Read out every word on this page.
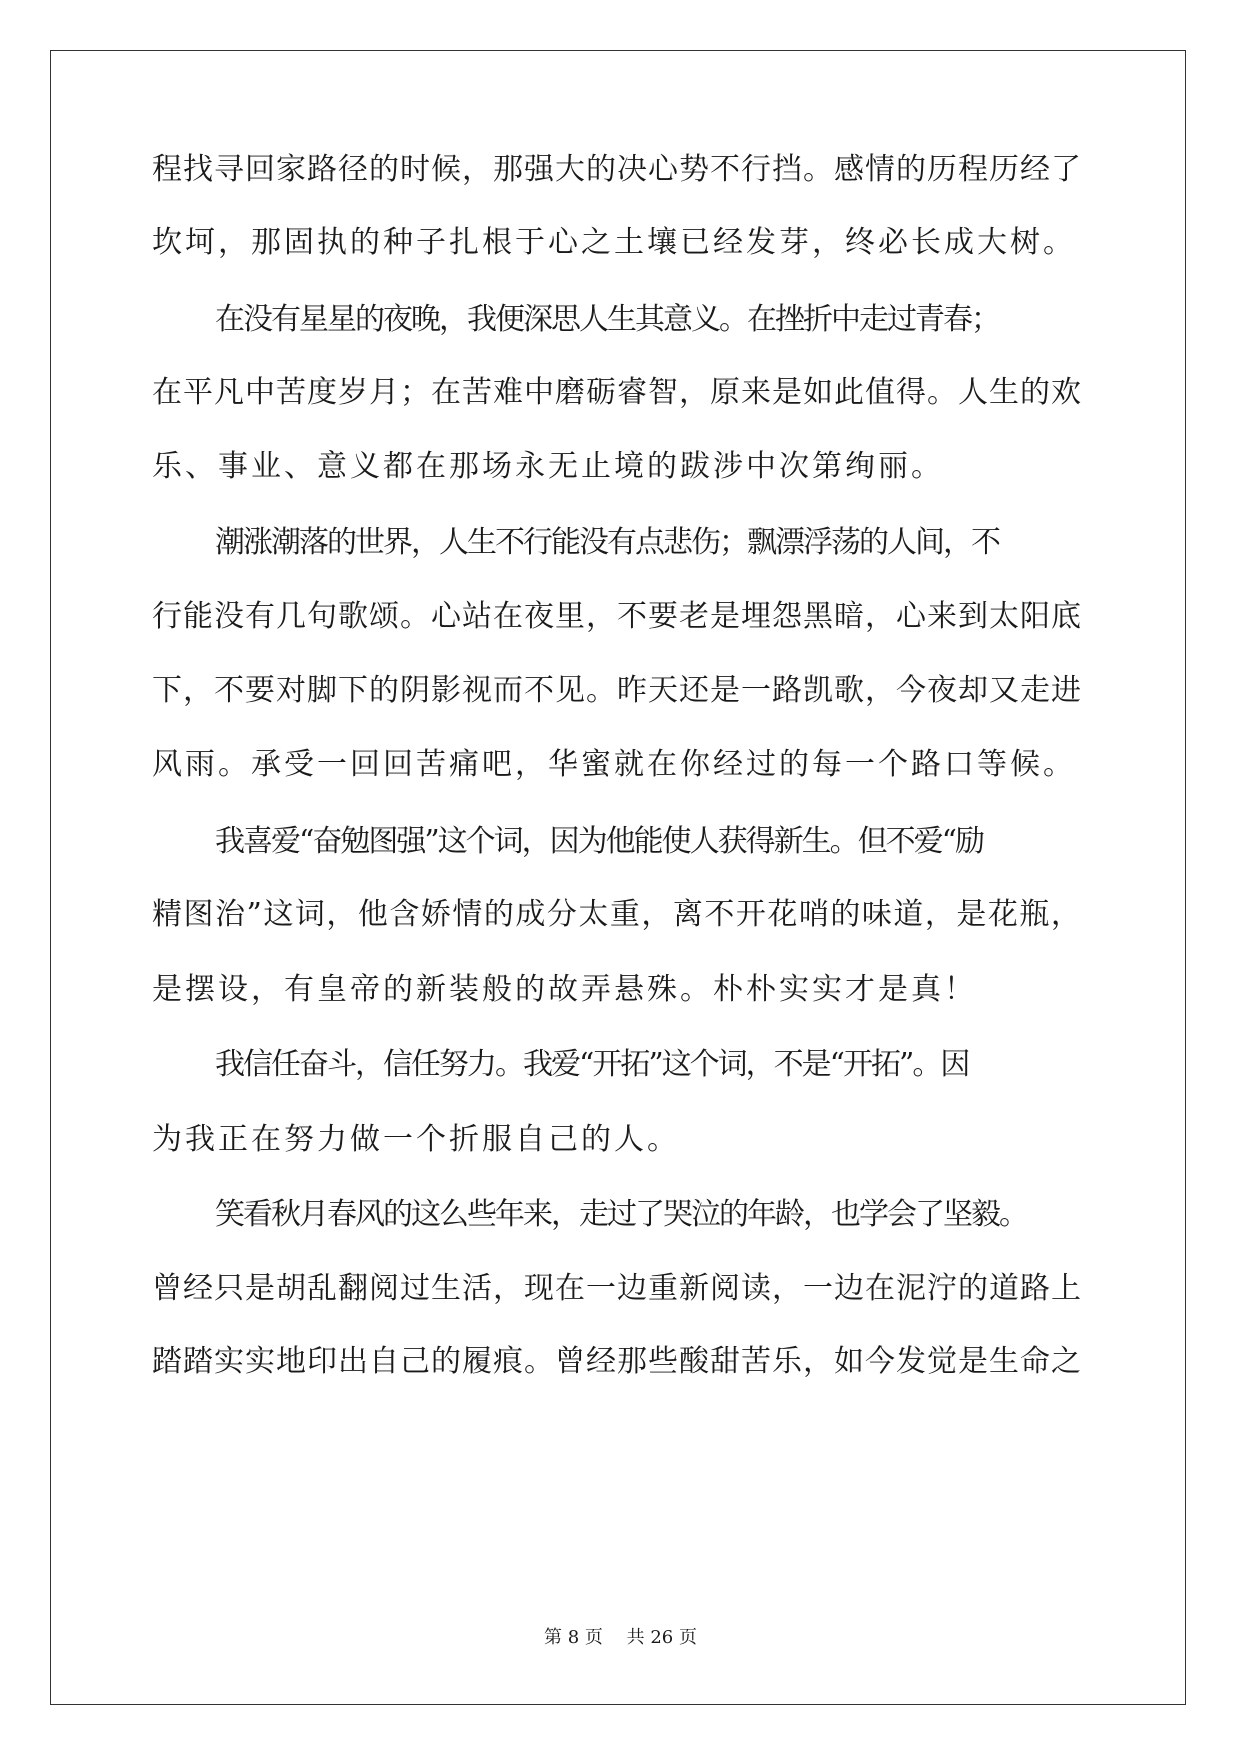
程找寻回家路径的时候，那强大的决心势不行挡。感情的历程历经了

坎坷，那固执的种子扎根于心之土壤已经发芽，终必长成大树。

在没有星星的夜晚，我便深思人生其意义。在挫折中走过青春；

在平凡中苦度岁月；在苦难中磨砺睿智，原来是如此值得。人生的欢

乐、事业、意义都在那场永无止境的跋涉中次第绚丽。

潮涨潮落的世界，人生不行能没有点悲伤；飘漂浮荡的人间，不

行能没有几句歌颂。心站在夜里，不要老是埋怨黑暗，心来到太阳底

下，不要对脚下的阴影视而不见。昨天还是一路凯歌，今夜却又走进

风雨。承受一回回苦痛吧，华蜜就在你经过的每一个路口等候。

我喜爱“奋勉图强”这个词，因为他能使人获得新生。但不爱“励

精图治”这词，他含娇情的成分太重，离不开花哨的味道，是花瓶，

是摆设，有皇帝的新装般的故弄悬殊。朴朴实实才是真！

我信任奋斗，信任努力。我爱“开拓”这个词，不是“开拓”。因

为我正在努力做一个折服自己的人。

笑看秋月春风的这么些年来，走过了哭泣的年龄，也学会了坚毅。

曾经只是胡乱翻阅过生活，现在一边重新阅读，一边在泥泞的道路上

踏踏实实地印出自己的履痕。曾经那些酸甜苦乐，如今发觉是生命之

第 8 页　 共 26 页
